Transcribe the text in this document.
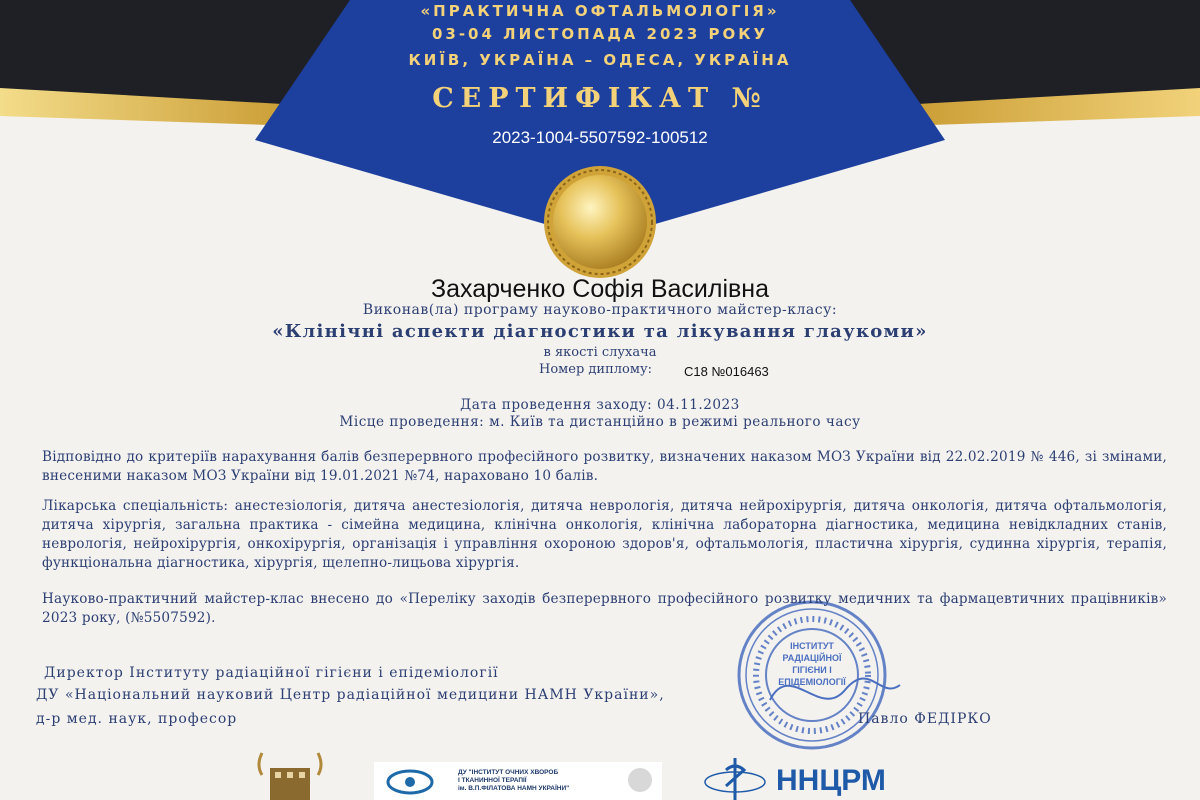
«ПРАКТИЧНА ОФТАЛЬМОЛОГІЯ»
03-04 ЛИСТОПАДА 2023 РОКУ
КИЇВ, УКРАЇНА – ОДЕСА, УКРАЇНА
СЕРТИФІКАТ №
2023-1004-5507592-100512
Захарченко Софія Василівна
Виконав(ла) програму науково-практичного майстер-класу:
«Клінічні аспекти діагностики та лікування глаукоми»
в якості слухача
Номер диплому: C18 №016463
Дата проведення заходу: 04.11.2023
Місце проведення: м. Київ та дистанційно в режимі реального часу
Відповідно до критеріїв нарахування балів безперервного професійного розвитку, визначених наказом МОЗ України від 22.02.2019 № 446, зі змінами, внесеними наказом МОЗ України від 19.01.2021 №74, нараховано 10 балів.
Лікарська спеціальність: анестезіологія, дитяча анестезіологія, дитяча неврологія, дитяча нейрохірургія, дитяча онкологія, дитяча офтальмологія, дитяча хірургія, загальна практика - сімейна медицина, клінічна онкологія, клінічна лабораторна діагностика, медицина невідкладних станів, неврологія, нейрохірургія, онкохірургія, організація і управління охороною здоров'я, офтальмологія, пластична хірургія, судинна хірургія, терапія, функціональна діагностика, хірургія, щелепно-лицьова хірургія.
Науково-практичний майстер-клас внесено до «Переліку заходів безперервного професійного розвитку медичних та фармацевтичних працівників» 2023 року, (№5507592).
Директор Інституту радіаційної гігієни і епідеміології
ДУ «Національний науковий Центр радіаційної медицини НАМН України»,
д-р мед. наук, професор	Павло ФЕДІРКО
ІНСТИТУТ
РАДІАЦІЙНОЇ
ГІГІЄНИ І
ЕПІДЕМІОЛОГІЇ
ДУ "ІНСТИТУТ ОЧНИХ ХВОРОБ
І ТКАНИННОЇ ТЕРАПІЇ
ім. В.П.ФІЛАТОВА НАМН УКРАЇНИ"	ННЦРМ
